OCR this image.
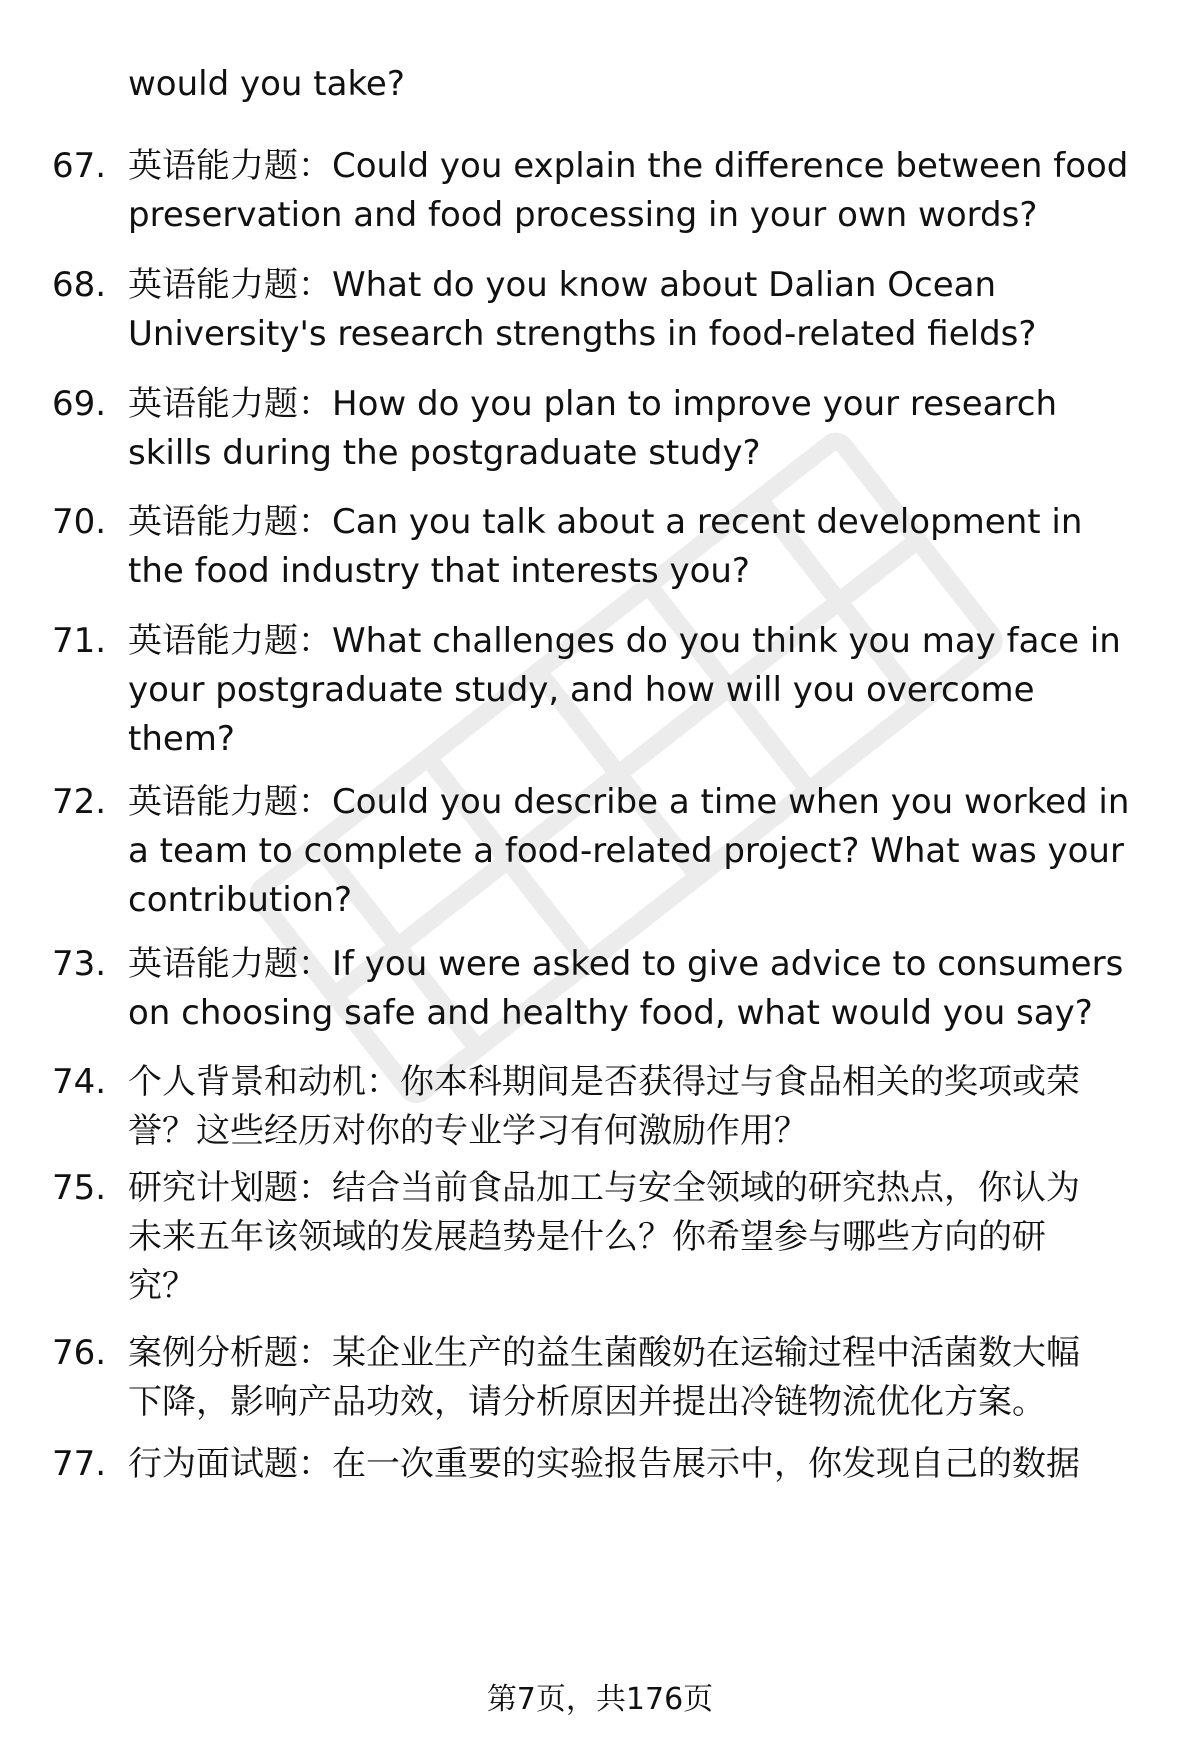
would you take?
67. 英语能力题：Could you explain the difference between food
preservation and food processing in your own words?
68. 英语能力题：What do you know about Dalian Ocean
University's research strengths in food-related fields?
69. 英语能力题：How do you plan to improve your research
skills during the postgraduate study?
70. 英语能力题：Can you talk about a recent development in
the food industry that interests you?
71. 英语能力题：What challenges do you think you may face in
your postgraduate study, and how will you overcome
them?
72. 英语能力题：Could you describe a time when you worked in
a team to complete a food-related project? What was your
contribution?
73. 英语能力题：If you were asked to give advice to consumers
on choosing safe and healthy food, what would you say?
74. 个人背景和动机：你本科期间是否获得过与食品相关的奖项或荣
誉？这些经历对你的专业学习有何激励作用？
75. 研究计划题：结合当前食品加工与安全领域的研究热点，你认为
未来五年该领域的发展趋势是什么？你希望参与哪些方向的研
究？
76. 案例分析题：某企业生产的益生菌酸奶在运输过程中活菌数大幅
下降，影响产品功效，请分析原因并提出冷链物流优化方案。
77. 行为面试题：在一次重要的实验报告展示中，你发现自己的数据
第7页，共176页
